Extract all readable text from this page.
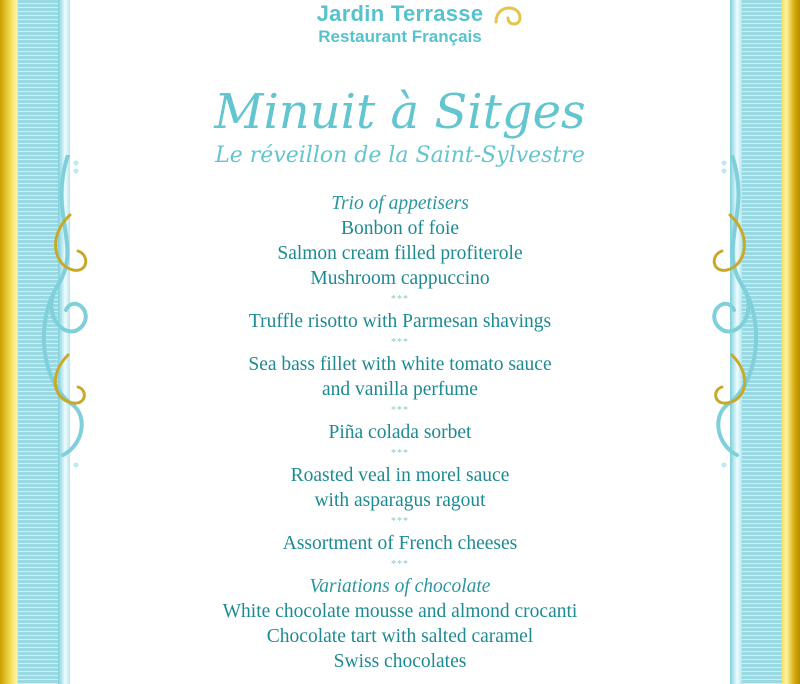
Jardin Terrasse
Restaurant Français
Minuit à Sitges
Le réveillon de la Saint-Sylvestre
Trio of appetisers
Bonbon of foie
Salmon cream filled profiterole
Mushroom cappuccino
***
Truffle risotto with Parmesan shavings
***
Sea bass fillet with white tomato sauce
and vanilla perfume
***
Piña colada sorbet
***
Roasted veal in morel sauce
with asparagus ragout
***
Assortment of French cheeses
***
Variations of chocolate
White chocolate mousse and almond crocanti
Chocolate tart with salted caramel
Swiss chocolates
